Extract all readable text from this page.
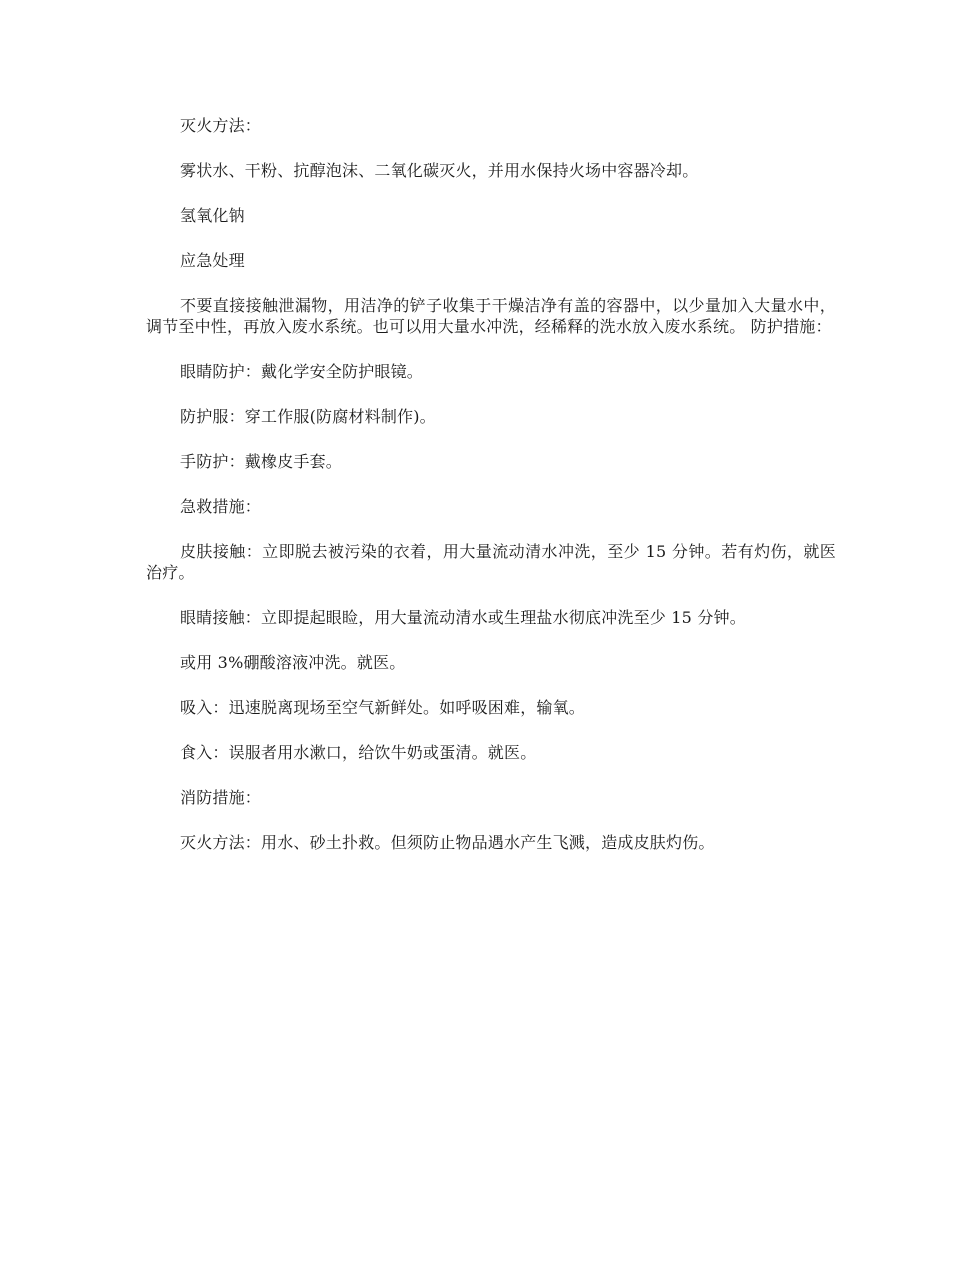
灭火方法：

雾状水、干粉、抗醇泡沫、二氧化碳灭火，并用水保持火场中容器冷却。

氢氧化钠

应急处理

不要直接接触泄漏物，用洁净的铲子收集于干燥洁净有盖的容器中，以少量加入大量水中，调节至中性，再放入废水系统。也可以用大量水冲洗，经稀释的洗水放入废水系统。 防护措施：

眼睛防护：戴化学安全防护眼镜。

防护服：穿工作服(防腐材料制作)。

手防护：戴橡皮手套。

急救措施：

皮肤接触：立即脱去被污染的衣着，用大量流动清水冲洗，至少 15 分钟。若有灼伤，就医治疗。

眼睛接触：立即提起眼睑，用大量流动清水或生理盐水彻底冲洗至少 15 分钟。

或用 3%硼酸溶液冲洗。就医。

吸入：迅速脱离现场至空气新鲜处。如呼吸困难，输氧。

食入：误服者用水漱口，给饮牛奶或蛋清。就医。

消防措施：

灭火方法：用水、砂土扑救。但须防止物品遇水产生飞溅，造成皮肤灼伤。
